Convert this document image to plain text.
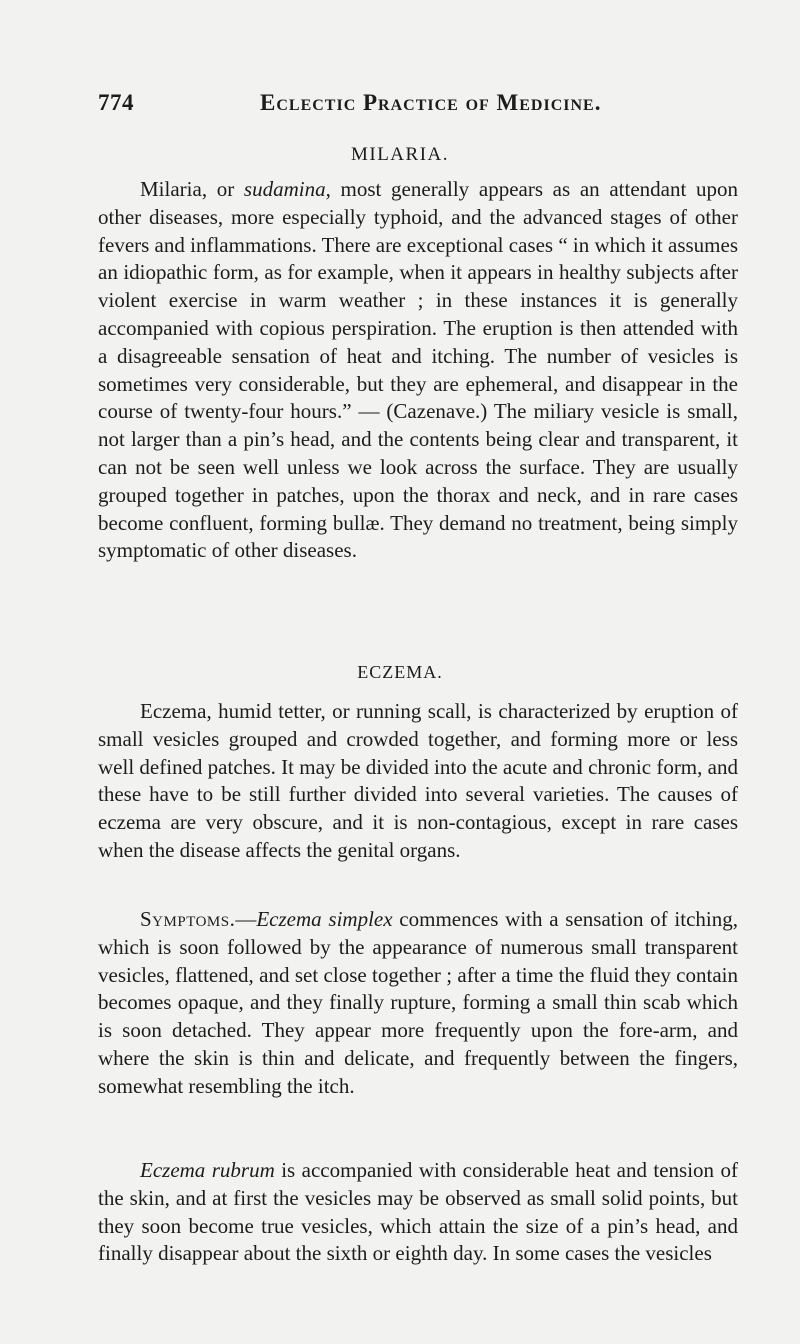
774	Eclectic Practice of Medicine.
MILARIA.
Milaria, or sudamina, most generally appears as an attendant upon other diseases, more especially typhoid, and the advanced stages of other fevers and inflammations. There are exceptional cases “ in which it assumes an idiopathic form, as for example, when it appears in healthy subjects after violent exercise in warm weather ; in these instances it is generally accompanied with copious perspiration. The eruption is then attended with a disagreeable sensation of heat and itching. The number of vesicles is sometimes very considerable, but they are ephemeral, and disappear in the course of twenty-four hours.” — (Cazenave.) The miliary vesicle is small, not larger than a pin’s head, and the contents being clear and transparent, it can not be seen well unless we look across the surface. They are usually grouped together in patches, upon the thorax and neck, and in rare cases become confluent, forming bullæ. They demand no treatment, being simply symptomatic of other diseases.
ECZEMA.
Eczema, humid tetter, or running scall, is characterized by eruption of small vesicles grouped and crowded together, and forming more or less well defined patches. It may be divided into the acute and chronic form, and these have to be still further divided into several varieties. The causes of eczema are very obscure, and it is non-contagious, except in rare cases when the disease affects the genital organs.
Symptoms.—Eczema simplex commences with a sensation of itching, which is soon followed by the appearance of numerous small transparent vesicles, flattened, and set close together ; after a time the fluid they contain becomes opaque, and they finally rupture, forming a small thin scab which is soon detached. They appear more frequently upon the fore-arm, and where the skin is thin and delicate, and frequently between the fingers, somewhat resembling the itch.
Eczema rubrum is accompanied with considerable heat and tension of the skin, and at first the vesicles may be observed as small solid points, but they soon become true vesicles, which attain the size of a pin’s head, and finally disappear about the sixth or eighth day. In some cases the vesicles
